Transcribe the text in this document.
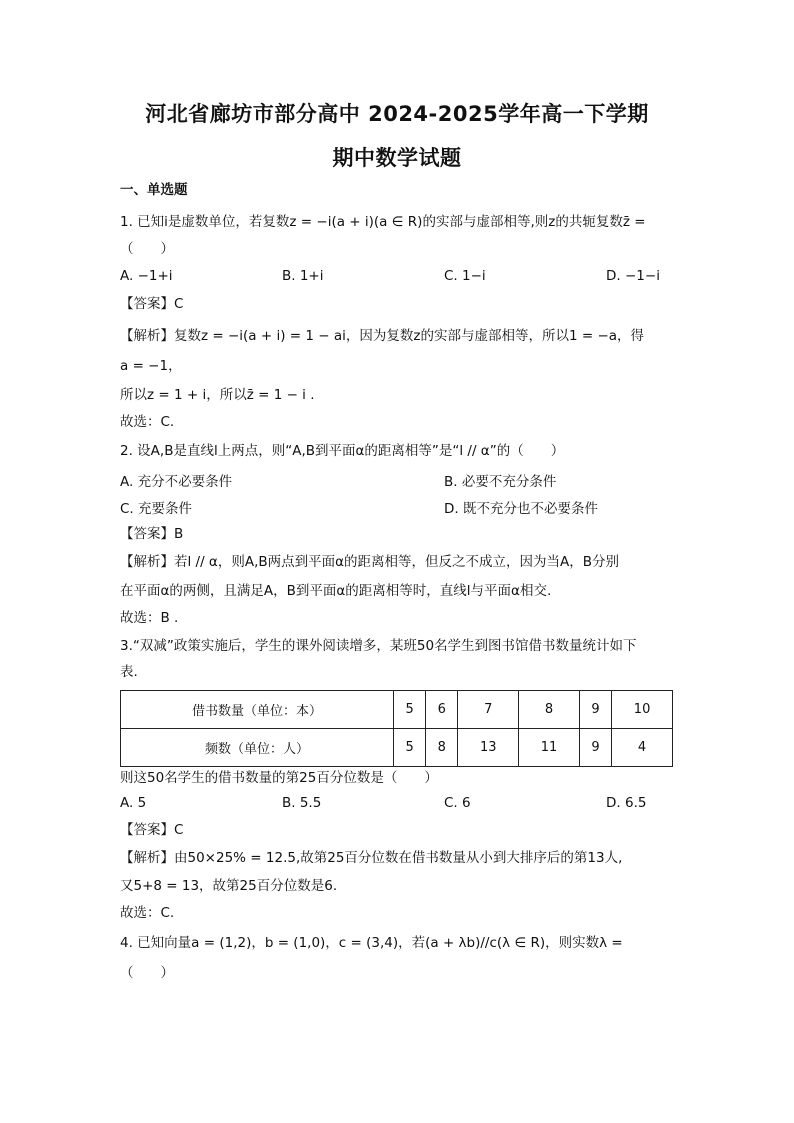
河北省廊坊市部分高中 2024-2025学年高一下学期
期中数学试题
一、单选题
1. 已知i是虚数单位，若复数z = −i(a + i)(a ∈ R)的实部与虚部相等,则z的共轭复数z̄ =
（　　）
A. −1+i	B. 1+i	C. 1−i	D. −1−i
【答案】C
【解析】复数z = −i(a + i) = 1 − ai，因为复数z的实部与虚部相等，所以1 = −a，得
a = −1，
所以z = 1 + i，所以z̄ = 1 − i .
故选：C.
2. 设A,B是直线l上两点，则“A,B到平面α的距离相等”是“l // α”的（　　）
A. 充分不必要条件	B. 必要不充分条件
C. 充要条件	D. 既不充分也不必要条件
【答案】B
【解析】若l // α，则A,B两点到平面α的距离相等，但反之不成立，因为当A，B分别
在平面α的两侧，且满足A，B到平面α的距离相等时，直线l与平面α相交.
故选：B .
3.“双减”政策实施后，学生的课外阅读增多，某班50名学生到图书馆借书数量统计如下
表.
借书数量（单位：本）	5	6	7	8	9	10
频数（单位：人）	5	8	13	11	9	4
则这50名学生的借书数量的第25百分位数是（　　）
A. 5	B. 5.5	C. 6	D. 6.5
【答案】C
【解析】由50×25% = 12.5,故第25百分位数在借书数量从小到大排序后的第13人,
又5+8 = 13，故第25百分位数是6.
故选：C.
4. 已知向量a = (1,2)，b = (1,0)，c = (3,4)，若(a + λb)//c(λ ∈ R)，则实数λ =
（　　）
